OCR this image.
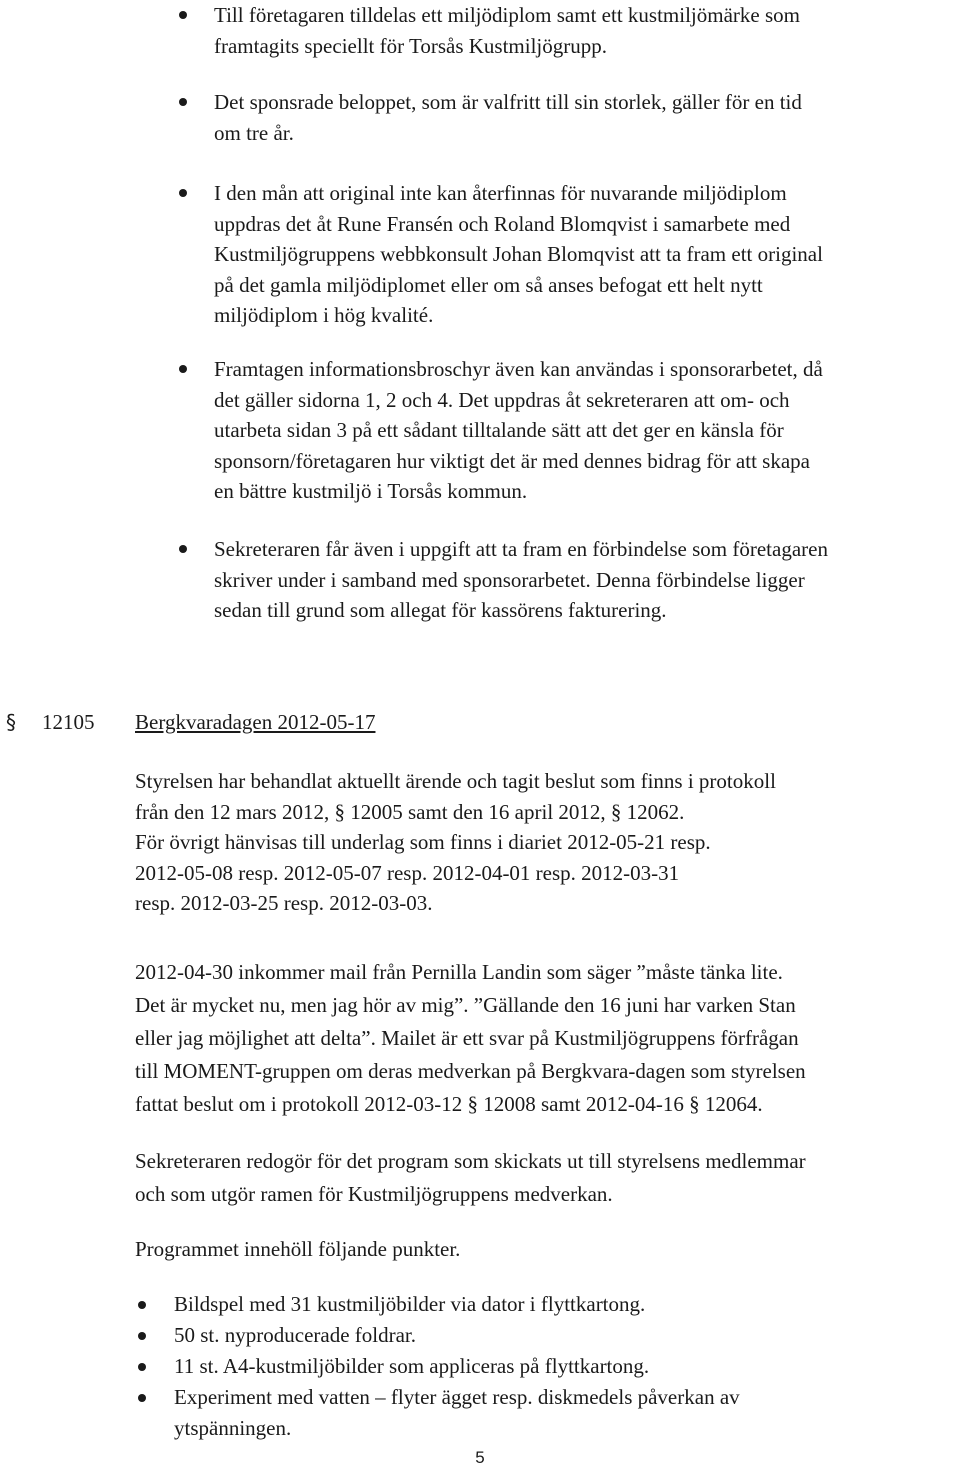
Till företagaren tilldelas ett miljödiplom samt ett kustmiljömärke som
framtagits speciellt för Torsås Kustmiljögrupp.
Det sponsrade beloppet, som är valfritt till sin storlek, gäller för en tid
om tre år.
I den mån att original inte kan återfinnas för nuvarande miljödiplom
uppdras det åt Rune Fransén och Roland Blomqvist i samarbete med
Kustmiljögruppens webbkonsult Johan Blomqvist att ta fram ett original
på det gamla miljödiplomet eller om så anses befogat ett helt nytt
miljödiplom i hög kvalité.
Framtagen informationsbroschyr även kan användas i sponsorarbetet, då
det gäller sidorna 1, 2 och 4. Det uppdras åt sekreteraren att om- och
utarbeta sidan 3 på ett sådant tilltalande sätt att det ger en känsla för
sponsorn/företagaren hur viktigt det är med dennes bidrag för att skapa
en bättre kustmiljö i Torsås kommun.
Sekreteraren får även i uppgift att ta fram en förbindelse som företagaren
skriver under i samband med sponsorarbetet. Denna förbindelse ligger
sedan till grund som allegat för kassörens fakturering.
§ 12105 Bergkvaradagen 2012-05-17
Styrelsen har behandlat aktuellt ärende och tagit beslut som finns i protokoll
från den 12 mars 2012, § 12005 samt den 16 april 2012, § 12062.
För övrigt hänvisas till underlag som finns i diariet 2012-05-21 resp.
2012-05-08 resp. 2012-05-07 resp. 2012-04-01 resp. 2012-03-31
resp. 2012-03-25 resp. 2012-03-03.
2012-04-30 inkommer mail från Pernilla Landin som säger ”måste tänka lite.
Det är mycket nu, men jag hör av mig”. ”Gällande den 16 juni har varken Stan
eller jag möjlighet att delta”. Mailet är ett svar på Kustmiljögruppens förfrågan
till MOMENT-gruppen om deras medverkan på Bergkvara-dagen som styrelsen
fattat beslut om i protokoll 2012-03-12 § 12008 samt 2012-04-16 § 12064.
Sekreteraren redogör för det program som skickats ut till styrelsens medlemmar
och som utgör ramen för Kustmiljögruppens medverkan.
Programmet innehöll följande punkter.
Bildspel med 31 kustmiljöbilder via dator i flyttkartong.
50 st. nyproducerade foldrar.
11 st. A4-kustmiljöbilder som appliceras på flyttkartong.
Experiment med vatten – flyter ägget resp. diskmedels påverkan av
ytspänningen.
5
